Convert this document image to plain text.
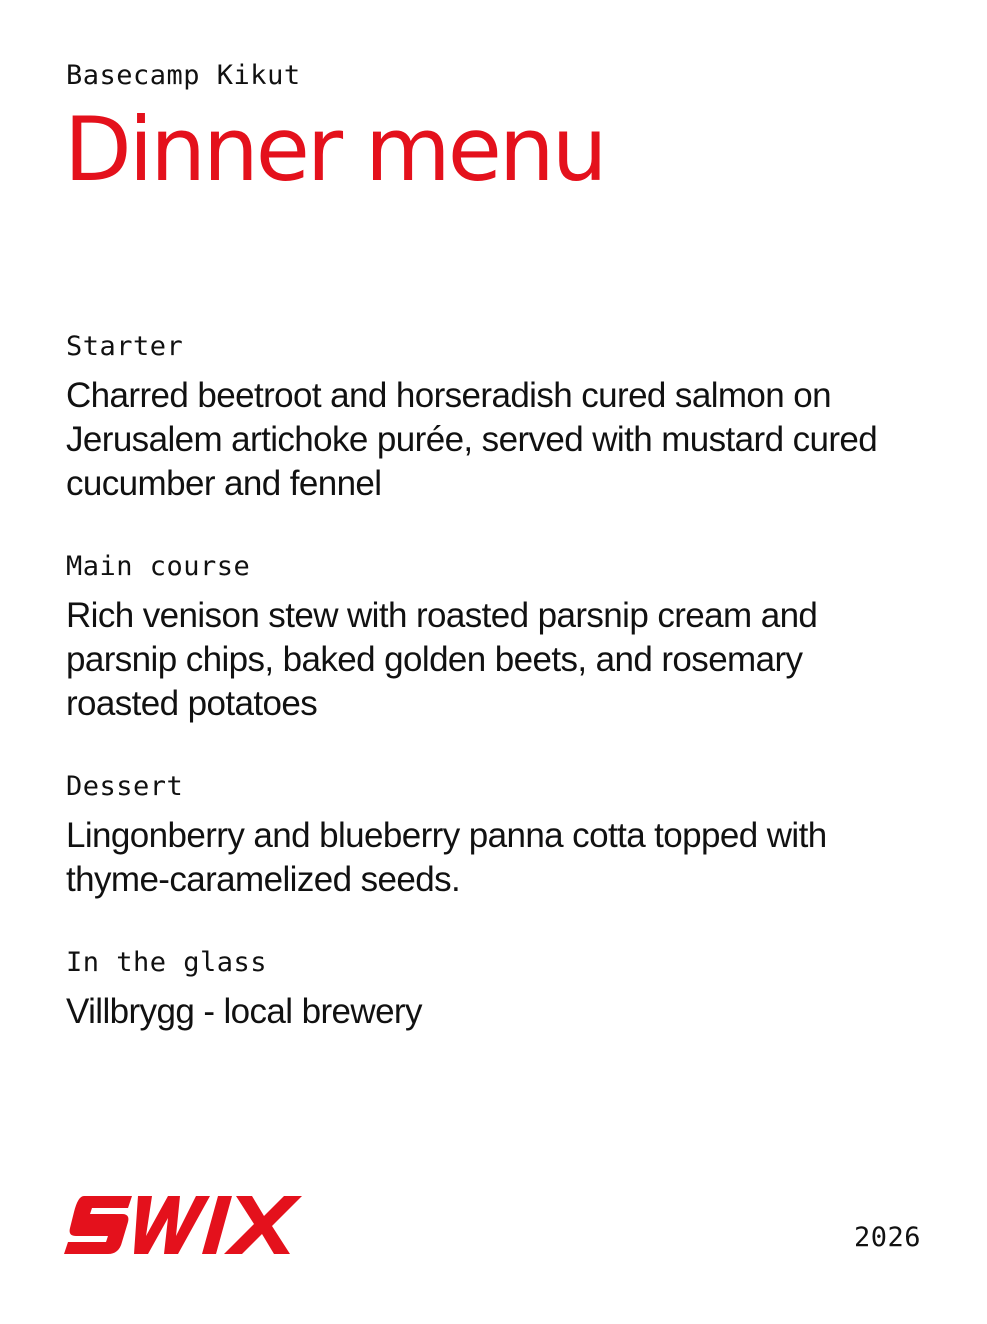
Basecamp Kikut

Dinner menu

Starter

Charred beetroot and horseradish cured salmon on Jerusalem artichoke purée, served with mustard cured cucumber and fennel

Main course

Rich venison stew with roasted parsnip cream and parsnip chips, baked golden beets, and rosemary roasted potatoes

Dessert

Lingonberry and blueberry panna cotta topped with thyme-caramelized seeds.

In the glass

Villbrygg - local brewery

2026
